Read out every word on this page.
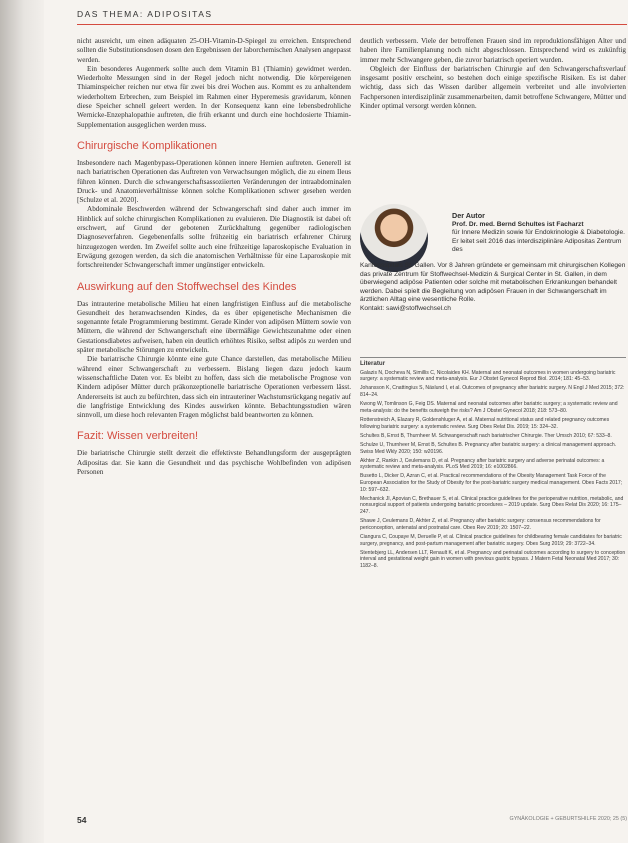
DAS THEMA: ADIPOSITAS

nicht ausreicht, um einen adäquaten 25-OH-Vitamin-D-Spiegel zu erreichen. Entsprechend sollten die Substitutionsdosen dosen den Ergebnissen der laborchemischen Analysen angepasst werden.

Ein besonderes Augenmerk sollte auch dem Vitamin B1 (Thiamin) gewidmet werden. Wiederholte Messungen sind in der Regel jedoch nicht notwendig. Die körpereigenen Thiaminspeicher reichen nur etwa für zwei bis drei Wochen aus. Kommt es zu anhaltendem wiederholtem Erbrechen, zum Beispiel im Rahmen einer Hyperemesis gravidarum, können diese Speicher schnell geleert werden. In der Konsequenz kann eine lebensbedrohliche Wernicke-Enzephalopathie auftreten, die früh erkannt und durch eine hochdosierte Thiamin-Supplementation ausgeglichen werden muss.

Chirurgische Komplikationen

Insbesondere nach Magenbypass-Operationen können innere Hernien auftreten. Generell ist nach bariatrischen Operationen das Auftreten von Verwachsungen möglich, die zu einem Ileus führen können. Durch die schwangerschaftsassoziierten Veränderungen der intraabdominalen Druck- und Anatomieverhältnisse können solche Komplikationen schwer gesehen werden [Schulze et al. 2020].

Abdominale Beschwerden während der Schwangerschaft sind daher auch immer im Hinblick auf solche chirurgischen Komplikationen zu evaluieren. Die Diagnostik ist dabei oft erschwert, auf Grund der gebotenen Zurückhaltung gegenüber radiologischen Diagnoseverfahren. Gegebenenfalls sollte frühzeitig ein bariatrisch erfahrener Chirurg hinzugezogen werden. Im Zweifel sollte auch eine frühzeitige laparoskopische Evaluation in Erwägung gezogen werden, da sich die anatomischen Verhältnisse für eine Laparoskopie mit fortschreitender Schwangerschaft immer ungünstiger entwickeln.

Auswirkung auf den Stoffwechsel des Kindes

Das intrauterine metabolische Milieu hat einen langfristigen Einfluss auf die metabolische Gesundheit des heranwachsenden Kindes, da es über epigenetische Mechanismen die sogenannte fetale Programmierung bestimmt. Gerade Kinder von adipösen Müttern sowie von Müttern, die während der Schwangerschaft eine übermäßige Gewichtszunahme oder einen Gestationsdiabetes aufweisen, haben ein deutlich erhöhtes Risiko, selbst adipös zu werden und später metabolische Störungen zu entwickeln.

Die bariatrische Chirurgie könnte eine gute Chance darstellen, das metabolische Milieu während einer Schwangerschaft zu verbessern. Bislang liegen dazu jedoch kaum wissenschaftliche Daten vor. Es bleibt zu hoffen, dass sich die metabolische Prognose von Kindern adipöser Mütter durch präkonzeptionelle bariatrische Operationen verbessern lässt. Andererseits ist auch zu befürchten, dass sich ein intrauteriner Wachstumsrückgang negativ auf die langfristige Entwicklung des Kindes auswirken könnte. Bebachtungsstudien wären sinnvoll, um diese hoch relevanten Fragen möglichst bald beantworten zu können.

Fazit: Wissen verbreiten!

Die bariatrische Chirurgie stellt derzeit die effektivste Behandlungsform der ausgeprägten Adipositas dar. Sie kann die Gesundheit und das psychische Wohlbefinden von adipösen Personen

deutlich verbessern. Viele der betroffenen Frauen sind im reproduktionsfähigen Alter und haben ihre Familienplanung noch nicht abgeschlossen. Entsprechend wird es zukünftig immer mehr Schwangere geben, die zuvor bariatrisch operiert wurden.

Obgleich der Einfluss der bariatrischen Chirurgie auf den Schwangerschaftsverlauf insgesamt positiv erscheint, so bestehen doch einige spezifische Risiken. Es ist daher wichtig, dass sich das Wissen darüber allgemein verbreitet und alle involvierten Fachpersonen interdisziplinär zusammenarbeiten, damit betroffene Schwangere, Mütter und Kinder optimal versorgt werden können.

Der Autor
Prof. Dr. med. Bernd Schultes ist Facharzt
für Innere Medizin sowie für Endokrinologie & Diabetologie. Er leitet seit 2016 das interdisziplinäre Adipositas Zentrum des
Kantonsspitals St. Gallen. Vor 8 Jahren gründete er gemeinsam mit chirurgischen Kollegen das private Zentrum für Stoffwechsel-Medizin & Surgical Center in St. Gallen, in dem überwiegend adipöse Patienten oder solche mit metabolischen Erkrankungen behandelt werden. Dabei spielt die Begleitung von adipösen Frauen in der Schwangerschaft im ärztlichen Alltag eine wesentliche Rolle.
Kontakt: sawi@stoffwechsel.ch
Literatur
Galazis N, Docheva N, Simillis C, Nicolaides KH. Maternal and neonatal outcomes in women undergoing bariatric surgery: a systematic review and meta-analysis. Eur J Obstet Gynecol Reprod Biol. 2014; 181: 45–53.
Johansson K, Cnattingius S, Näslund I, et al. Outcomes of pregnancy after bariatric surgery. N Engl J Med 2015; 372: 814–24.
Kwong W, Tomlinson G, Feig DS. Maternal and neonatal outcomes after bariatric surgery; a systematic review and meta-analysis: do the benefits outweigh the risks? Am J Obstet Gynecol 2018; 218: 573–80.
Rottenstreich A, Elazary R, Goldenshluger A, et al. Maternal nutritional status and related pregnancy outcomes following bariatric surgery: a systematic review. Surg Obes Relat Dis. 2019; 15: 324–32.
Schultes B, Ernst B, Thurnheer M. Schwangerschaft nach bariatrischer Chirurgie. Ther Umsch 2010; 67: 533–8.
Schulze U, Thurnheer M, Ernst B, Schultes B. Pregnancy after bariatric surgery: a clinical management approach. Swiss Med Wkly 2020; 150: w20196.
Akhter Z, Rankin J, Ceulemans D, et al. Pregnancy after bariatric surgery and adverse perinatal outcomes: a systematic review and meta-analysis. PLoS Med 2019; 16: e1002866.
Busetto L, Dicker D, Azran C, et al. Practical recommendations of the Obesity Management Task Force of the European Association for the Study of Obesity for the post-bariatric surgery medical management. Obes Facts 2017; 10: 597–632.
Mechanick JI, Apovian C, Brethauer S, et al. Clinical practice guidelines for the perioperative nutrition, metabolic, and nonsurgical support of patients undergoing bariatric procedures – 2019 update. Surg Obes Relat Dis 2020; 16: 175–247.
Shawe J, Ceulemans D, Akhter Z, et al. Pregnancy after bariatric surgery: consensus recommendations for periconception, antenatal and postnatal care. Obes Rev 2019; 20: 1507–22.
Ciangura C, Coupaye M, Deruelle P, et al. Clinical practice guidelines for childbearing female candidates for bariatric surgery, pregnancy, and post-partum management after bariatric surgery. Obes Surg 2019; 29: 3722–34.
Stentebjerg LL, Andersen LLT, Renault K, et al. Pregnancy and perinatal outcomes according to surgery to conception interval and gestational weight gain in women with previous gastric bypass. J Matern Fetal Neonatal Med 2017; 30: 1182–8.
54	GYNÄKOLOGIE + GEBURTSHILFE 2020; 25 (5)
